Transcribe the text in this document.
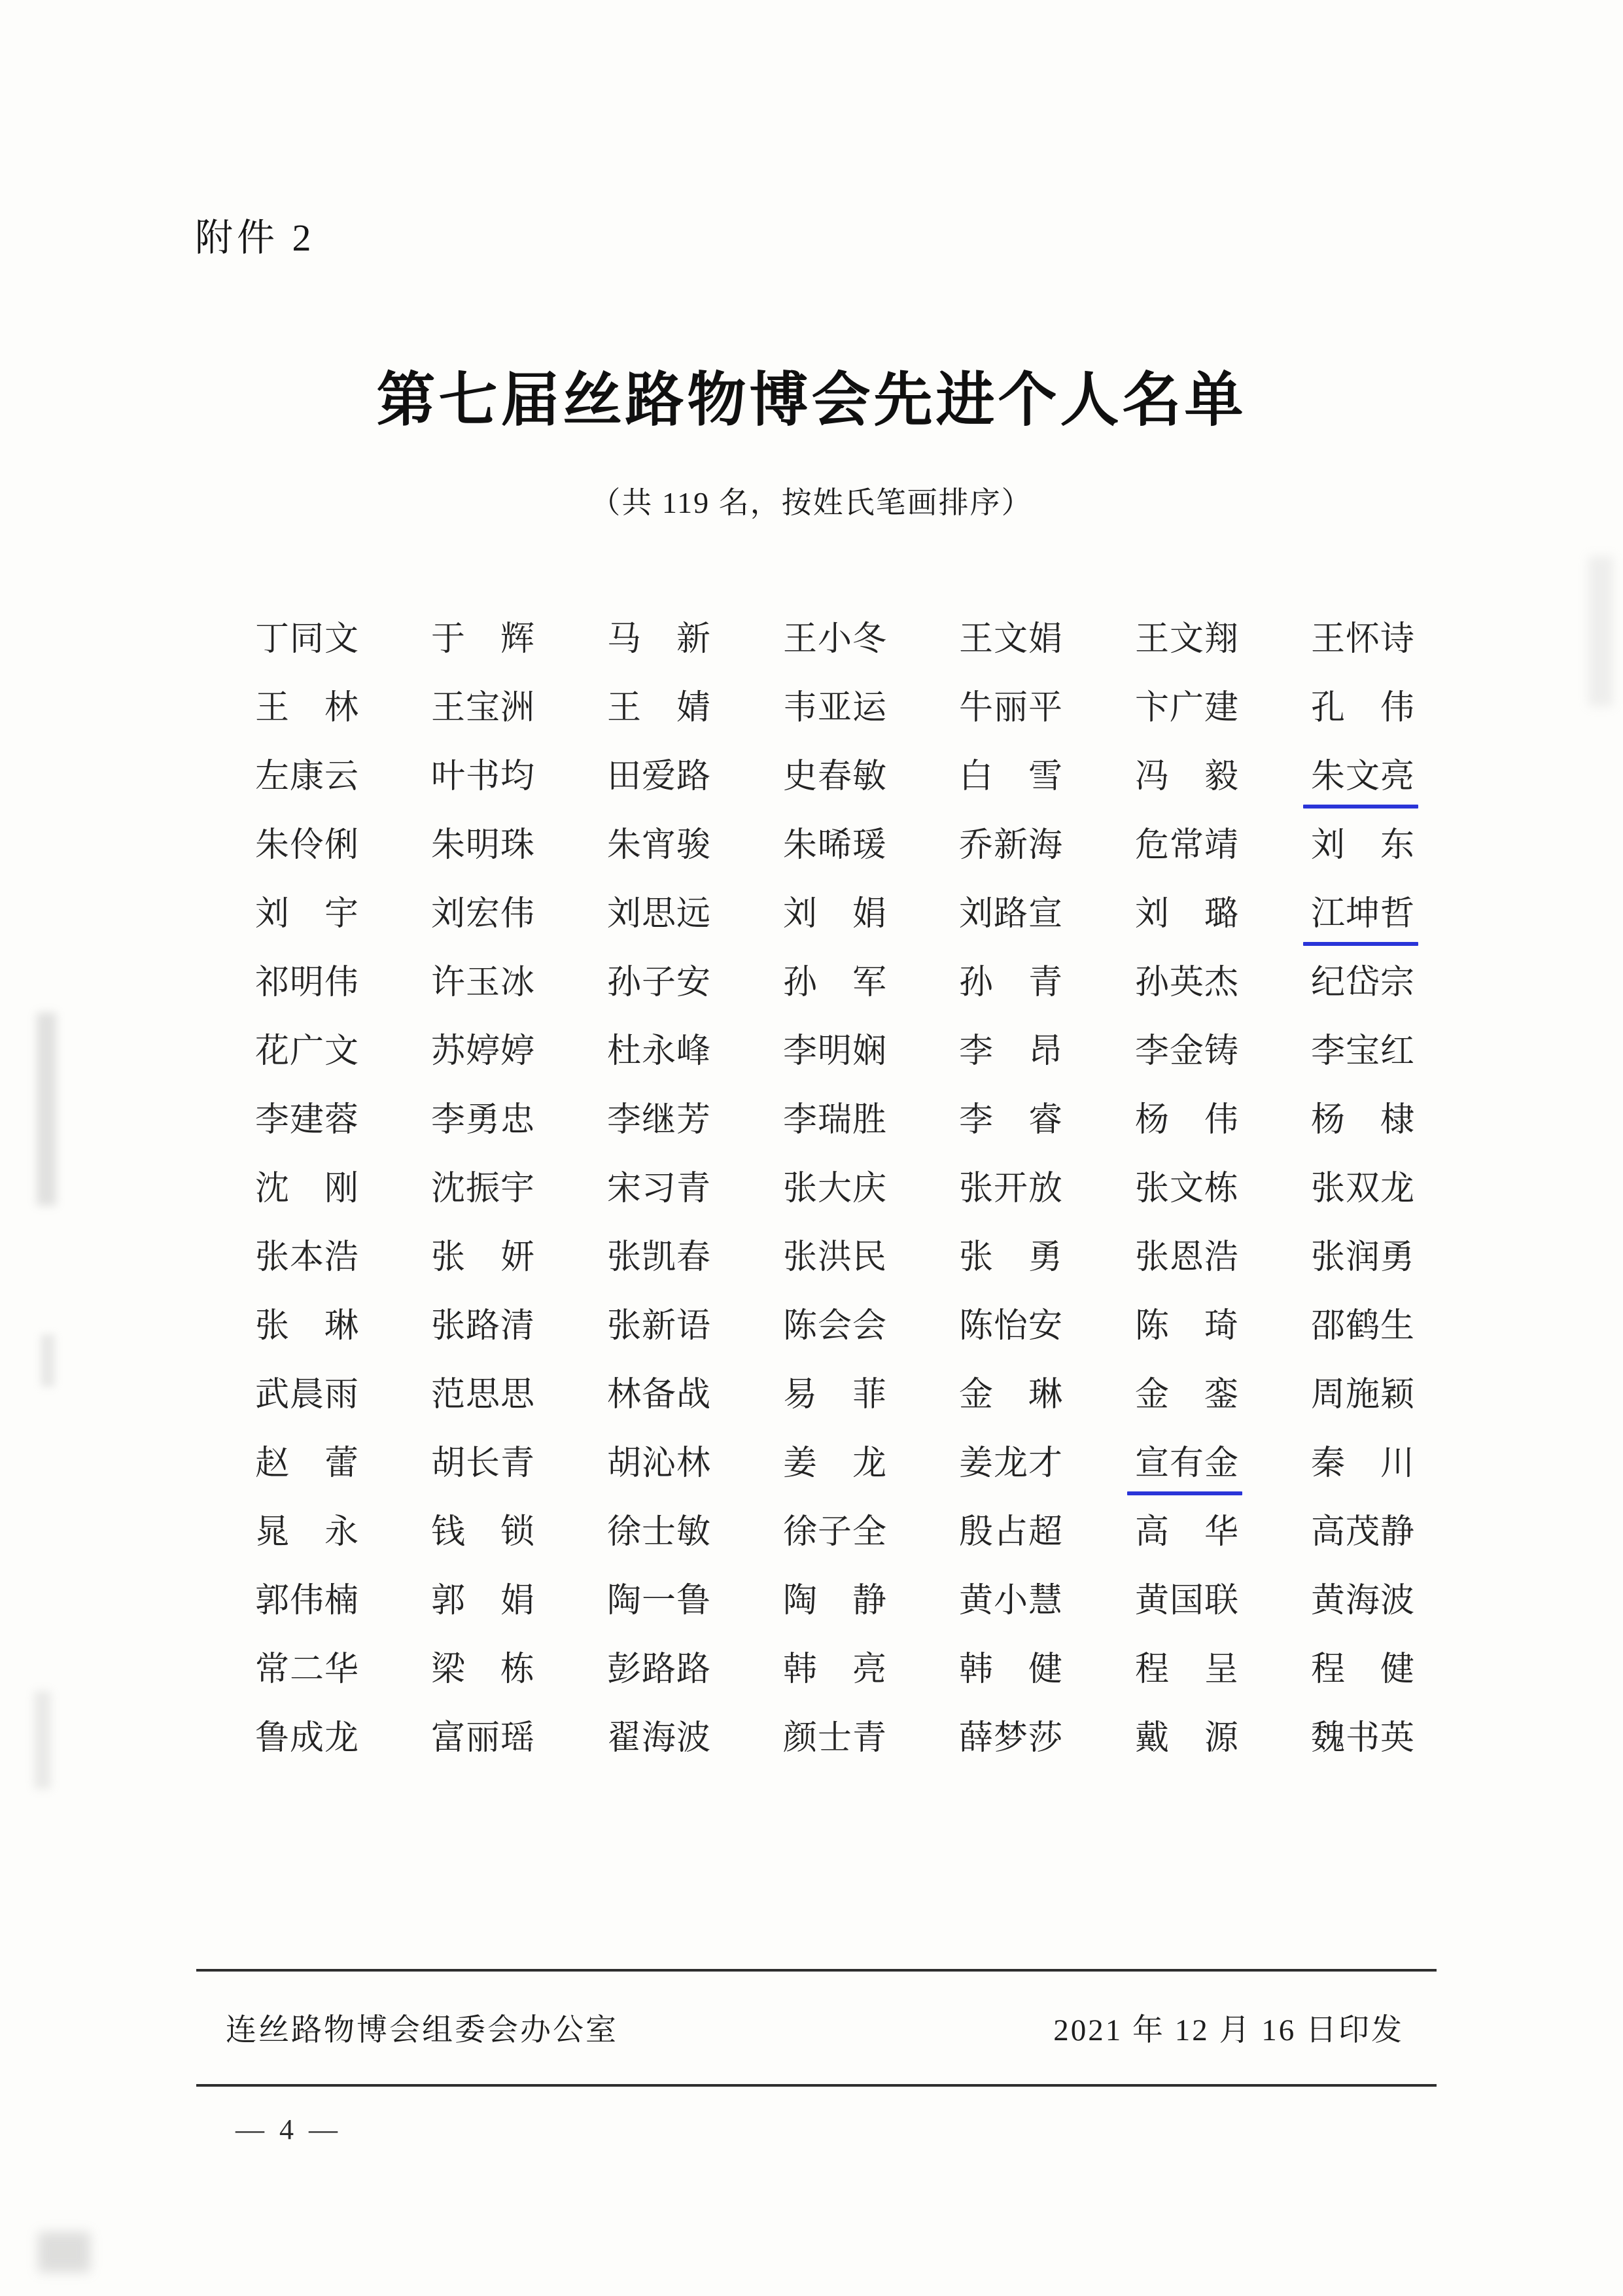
附件 2
第七届丝路物博会先进个人名单
（共 119 名，按姓氏笔画排序）
丁 同 文 于 辉 马 新 王 小 冬 王 文 娟 王 文 翔 王 怀 诗
王 林 王 宝 洲 王 婧 韦 亚 运 牛 丽 平 卞 广 建 孔 伟
左 康 云 叶 书 均 田 爱 路 史 春 敏 白 雪 冯 毅 朱 文 亮
朱 伶 俐 朱 明 珠 朱 宵 骏 朱 晞 瑗 乔 新 海 危 常 靖 刘 东
刘 宇 刘 宏 伟 刘 思 远 刘 娟 刘 路 宣 刘 璐 江 坤 哲
祁 明 伟 许 玉 冰 孙 子 安 孙 军 孙 青 孙 英 杰 纪 岱 宗
花 广 文 苏 婷 婷 杜 永 峰 李 明 娴 李 昂 李 金 铸 李 宝 红
李 建 蓉 李 勇 忠 李 继 芳 李 瑞 胜 李 睿 杨 伟 杨 棣
沈 刚 沈 振 宇 宋 习 青 张 大 庆 张 开 放 张 文 栋 张 双 龙
张 本 浩 张 妍 张 凯 春 张 洪 民 张 勇 张 恩 浩 张 润 勇
张 琳 张 路 清 张 新 语 陈 会 会 陈 怡 安 陈 琦 邵 鹤 生
武 晨 雨 范 思 思 林 备 战 易 菲 金 琳 金 銮 周 施 颖
赵 蕾 胡 长 青 胡 沁 林 姜 龙 姜 龙 才 宣 有 金 秦 川
晁 永 钱 锁 徐 士 敏 徐 子 全 殷 占 超 高 华 高 茂 静
郭 伟 楠 郭 娟 陶 一 鲁 陶 静 黄 小 慧 黄 国 联 黄 海 波
常 二 华 梁 栋 彭 路 路 韩 亮 韩 健 程 呈 程 健
鲁 成 龙 富 丽 瑶 翟 海 波 颜 士 青 薛 梦 莎 戴 源 魏 书 英
连丝路物博会组委会办公室	2021 年 12 月 16 日印发
— 4 —
